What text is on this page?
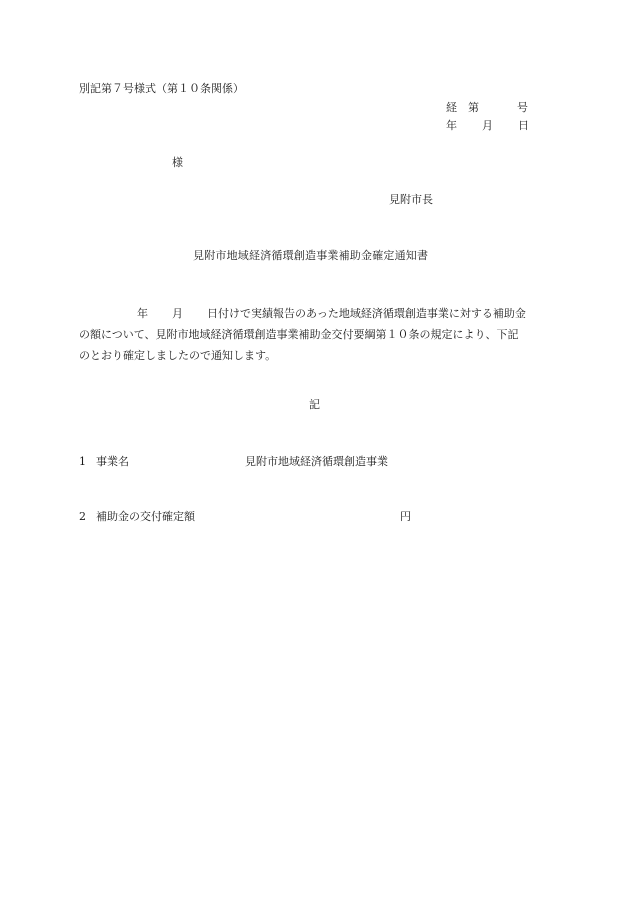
別記第７号様式（第１０条関係）
経 第	号
年 月 日
様
見附市長
見附市地域経済循環創造事業補助金確定通知書
年 月 日付けで実績報告のあった地域経済循環創造事業に対する補助金
の額について、見附市地域経済循環創造事業補助金交付要綱第１０条の規定により、下記
のとおり確定しましたので通知します。
記
1 事業名	見附市地域経済循環創造事業
2 補助金の交付確定額	円
